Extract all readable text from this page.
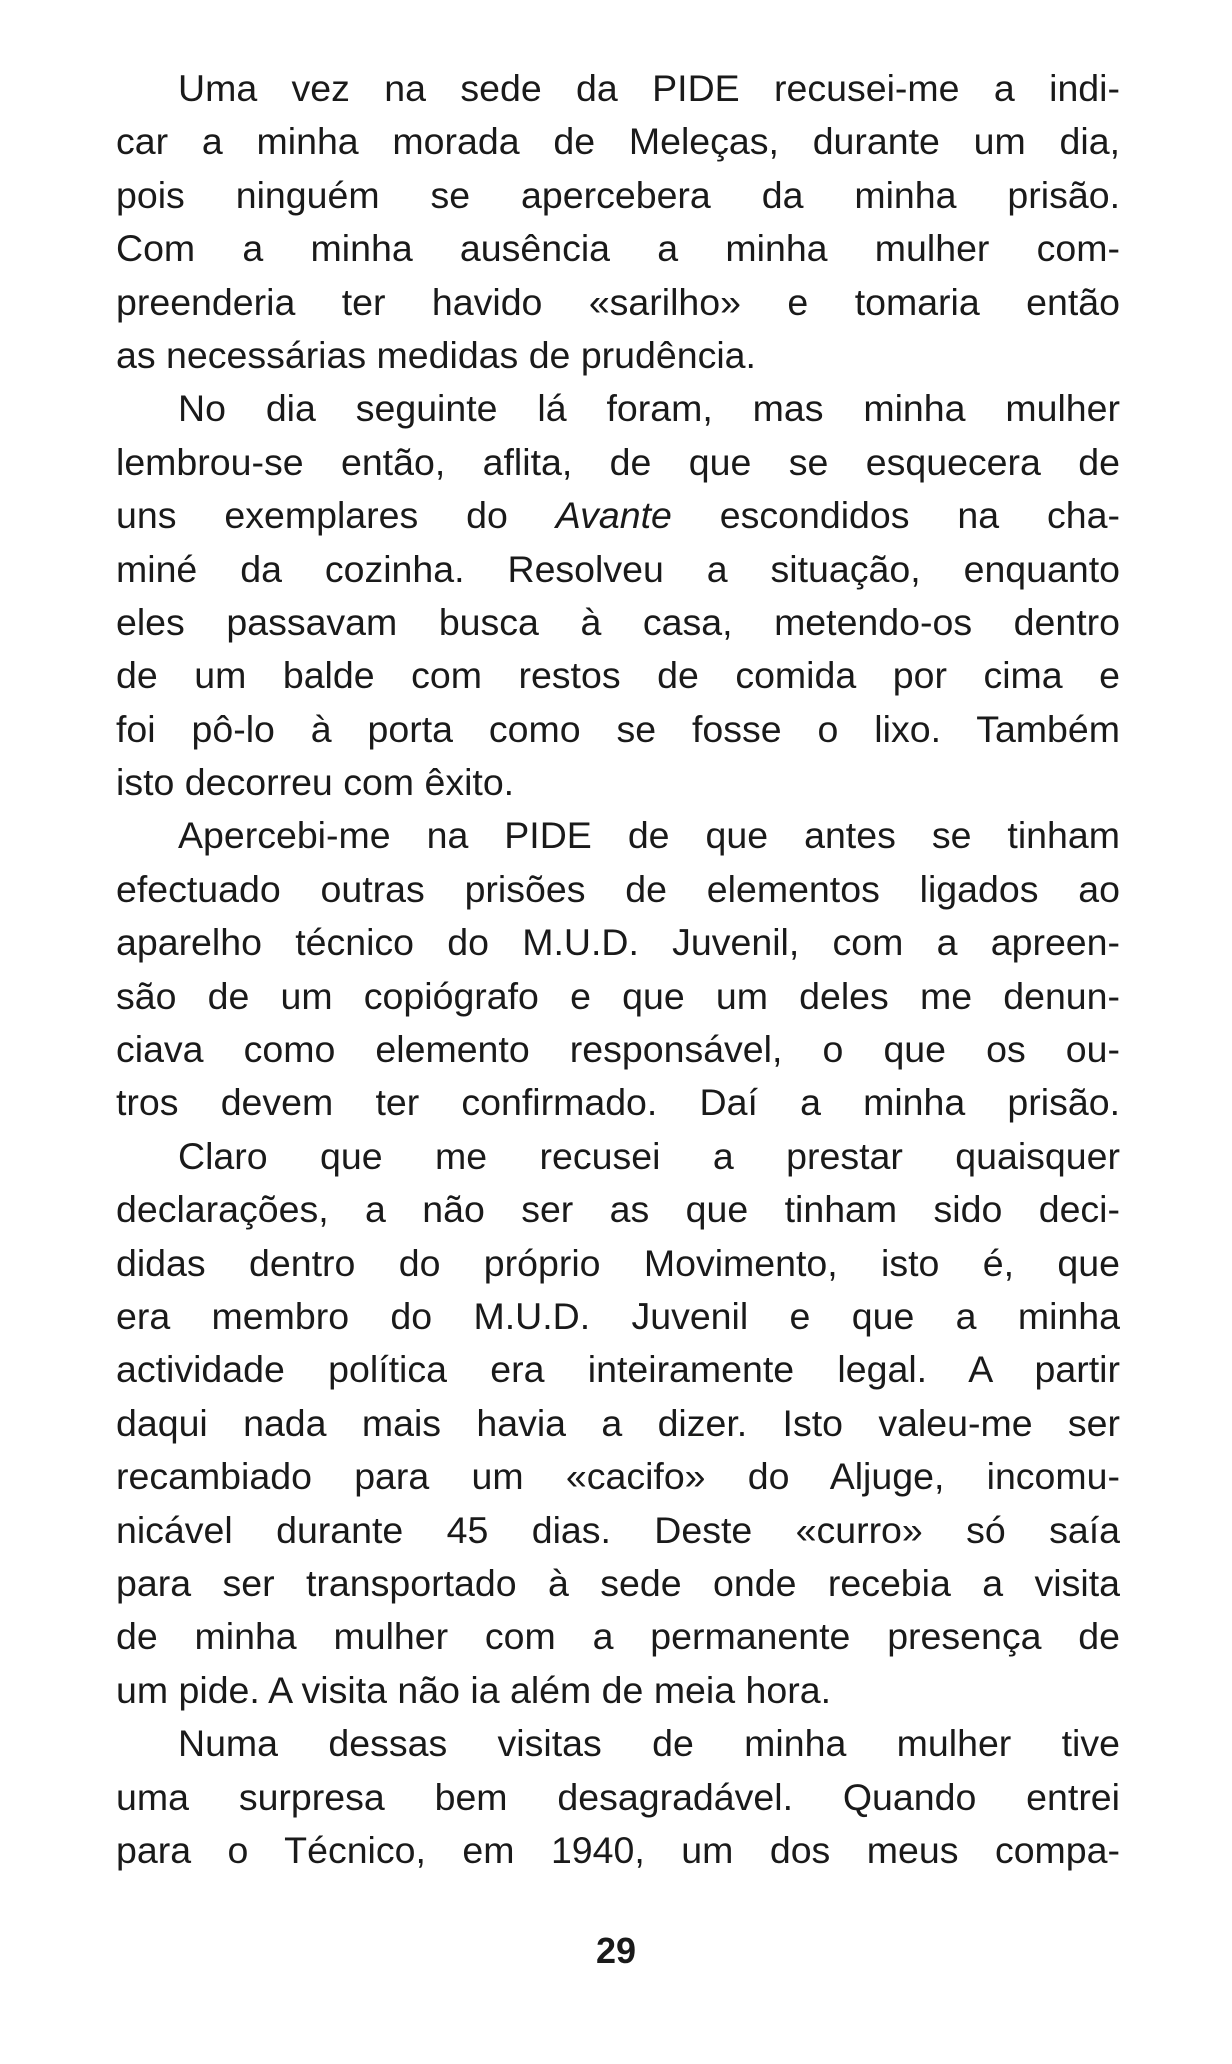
Uma vez na sede da PIDE recusei-me a indi-
car a minha morada de Meleças, durante um dia,
pois ninguém se apercebera da minha prisão.
Com a minha ausência a minha mulher com-
preenderia ter havido «sarilho» e tomaria então
as necessárias medidas de prudência.
No dia seguinte lá foram, mas minha mulher
lembrou-se então, aflita, de que se esquecera de
uns exemplares do Avante escondidos na cha-
miné da cozinha. Resolveu a situação, enquanto
eles passavam busca à casa, metendo-os dentro
de um balde com restos de comida por cima e
foi pô-lo à porta como se fosse o lixo. Também
isto decorreu com êxito.
Apercebi-me na PIDE de que antes se tinham
efectuado outras prisões de elementos ligados ao
aparelho técnico do M.U.D. Juvenil, com a apreen-
são de um copiógrafo e que um deles me denun-
ciava como elemento responsável, o que os ou-
tros devem ter confirmado. Daí a minha prisão.
Claro que me recusei a prestar quaisquer
declarações, a não ser as que tinham sido deci-
didas dentro do próprio Movimento, isto é, que
era membro do M.U.D. Juvenil e que a minha
actividade política era inteiramente legal. A partir
daqui nada mais havia a dizer. Isto valeu-me ser
recambiado para um «cacifo» do Aljuge, incomu-
nicável durante 45 dias. Deste «curro» só saía
para ser transportado à sede onde recebia a visita
de minha mulher com a permanente presença de
um pide. A visita não ia além de meia hora.
Numa dessas visitas de minha mulher tive
uma surpresa bem desagradável. Quando entrei
para o Técnico, em 1940, um dos meus compa-
29
